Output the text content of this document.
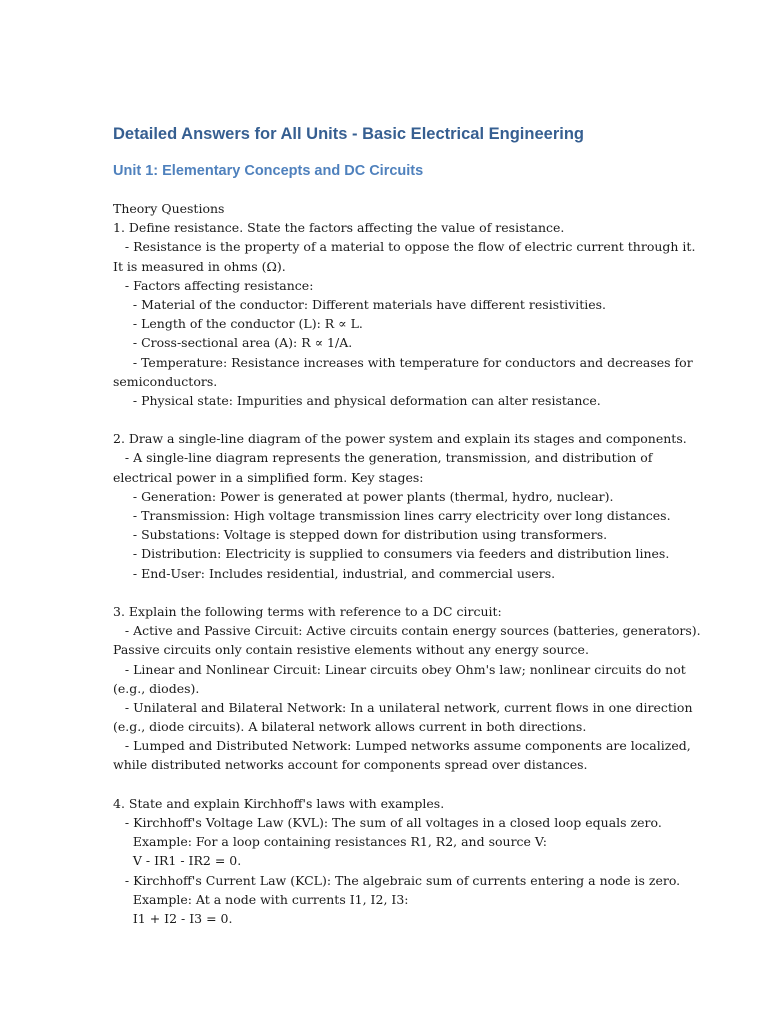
Detailed Answers for All Units - Basic Electrical Engineering
Unit 1: Elementary Concepts and DC Circuits
Theory Questions
1. Define resistance. State the factors affecting the value of resistance.
- Resistance is the property of a material to oppose the flow of electric current through it.
It is measured in ohms (Ω).
- Factors affecting resistance:
- Material of the conductor: Different materials have different resistivities.
- Length of the conductor (L): R ∝ L.
- Cross-sectional area (A): R ∝ 1/A.
- Temperature: Resistance increases with temperature for conductors and decreases for
semiconductors.
- Physical state: Impurities and physical deformation can alter resistance.
2. Draw a single-line diagram of the power system and explain its stages and components.
- A single-line diagram represents the generation, transmission, and distribution of
electrical power in a simplified form. Key stages:
- Generation: Power is generated at power plants (thermal, hydro, nuclear).
- Transmission: High voltage transmission lines carry electricity over long distances.
- Substations: Voltage is stepped down for distribution using transformers.
- Distribution: Electricity is supplied to consumers via feeders and distribution lines.
- End-User: Includes residential, industrial, and commercial users.
3. Explain the following terms with reference to a DC circuit:
- Active and Passive Circuit: Active circuits contain energy sources (batteries, generators).
Passive circuits only contain resistive elements without any energy source.
- Linear and Nonlinear Circuit: Linear circuits obey Ohm's law; nonlinear circuits do not
(e.g., diodes).
- Unilateral and Bilateral Network: In a unilateral network, current flows in one direction
(e.g., diode circuits). A bilateral network allows current in both directions.
- Lumped and Distributed Network: Lumped networks assume components are localized,
while distributed networks account for components spread over distances.
4. State and explain Kirchhoff's laws with examples.
- Kirchhoff's Voltage Law (KVL): The sum of all voltages in a closed loop equals zero.
Example: For a loop containing resistances R1, R2, and source V:
V - IR1 - IR2 = 0.
- Kirchhoff's Current Law (KCL): The algebraic sum of currents entering a node is zero.
Example: At a node with currents I1, I2, I3:
I1 + I2 - I3 = 0.
